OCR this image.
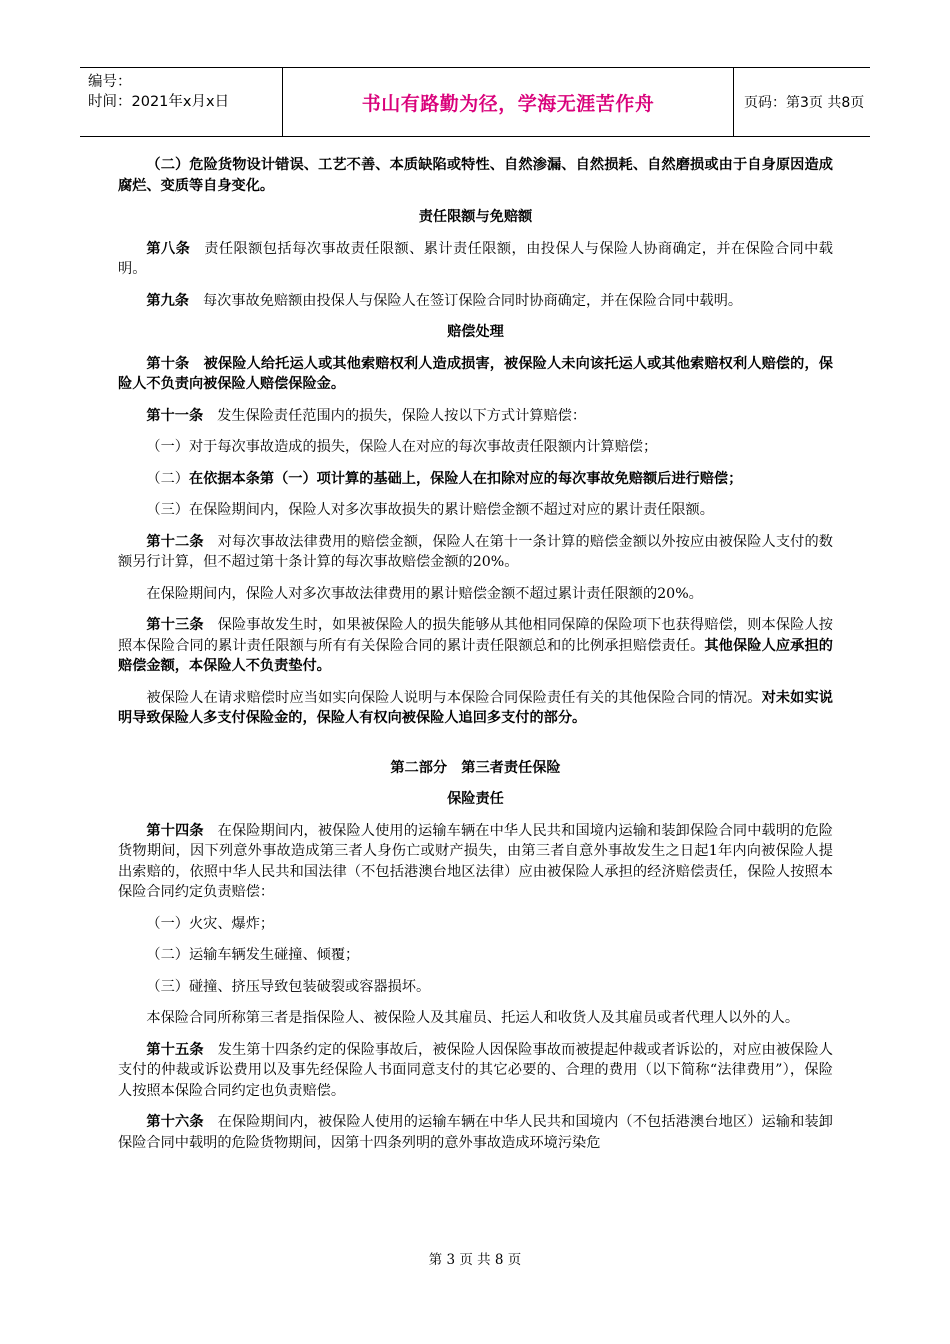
编号：
时间：2021年x月x日	书山有路勤为径，学海无涯苦作舟	页码：第3页 共8页

（二）危险货物设计错误、工艺不善、本质缺陷或特性、自然渗漏、自然损耗、自然磨损或由于自身原因造成腐烂、变质等自身变化。

责任限额与免赔额

第八条 责任限额包括每次事故责任限额、累计责任限额，由投保人与保险人协商确定，并在保险合同中载明。

第九条 每次事故免赔额由投保人与保险人在签订保险合同时协商确定，并在保险合同中载明。

赔偿处理

第十条　被保险人给托运人或其他索赔权利人造成损害，被保险人未向该托运人或其他索赔权利人赔偿的，保险人不负责向被保险人赔偿保险金。

第十一条 发生保险责任范围内的损失，保险人按以下方式计算赔偿：

（一）对于每次事故造成的损失，保险人在对应的每次事故责任限额内计算赔偿；

（二）在依据本条第（一）项计算的基础上，保险人在扣除对应的每次事故免赔额后进行赔偿；

（三）在保险期间内，保险人对多次事故损失的累计赔偿金额不超过对应的累计责任限额。

第十二条 对每次事故法律费用的赔偿金额，保险人在第十一条计算的赔偿金额以外按应由被保险人支付的数额另行计算，但不超过第十条计算的每次事故赔偿金额的20%。

在保险期间内，保险人对多次事故法律费用的累计赔偿金额不超过累计责任限额的20%。

第十三条 保险事故发生时，如果被保险人的损失能够从其他相同保障的保险项下也获得赔偿，则本保险人按照本保险合同的累计责任限额与所有有关保险合同的累计责任限额总和的比例承担赔偿责任。其他保险人应承担的赔偿金额，本保险人不负责垫付。

被保险人在请求赔偿时应当如实向保险人说明与本保险合同保险责任有关的其他保险合同的情况。对未如实说明导致保险人多支付保险金的，保险人有权向被保险人追回多支付的部分。

第二部分　第三者责任保险
保险责任

第十四条 在保险期间内，被保险人使用的运输车辆在中华人民共和国境内运输和装卸保险合同中载明的危险货物期间，因下列意外事故造成第三者人身伤亡或财产损失，由第三者自意外事故发生之日起1年内向被保险人提出索赔的，依照中华人民共和国法律（不包括港澳台地区法律）应由被保险人承担的经济赔偿责任，保险人按照本保险合同约定负责赔偿：

（一）火灾、爆炸；

（二）运输车辆发生碰撞、倾覆；

（三）碰撞、挤压导致包装破裂或容器损坏。

本保险合同所称第三者是指保险人、被保险人及其雇员、托运人和收货人及其雇员或者代理人以外的人。

第十五条 发生第十四条约定的保险事故后，被保险人因保险事故而被提起仲裁或者诉讼的，对应由被保险人支付的仲裁或诉讼费用以及事先经保险人书面同意支付的其它必要的、合理的费用（以下简称“法律费用”），保险人按照本保险合同约定也负责赔偿。

第十六条 在保险期间内，被保险人使用的运输车辆在中华人民共和国境内（不包括港澳台地区）运输和装卸保险合同中载明的危险货物期间，因第十四条列明的意外事故造成环境污染危

第 3 页 共 8 页
